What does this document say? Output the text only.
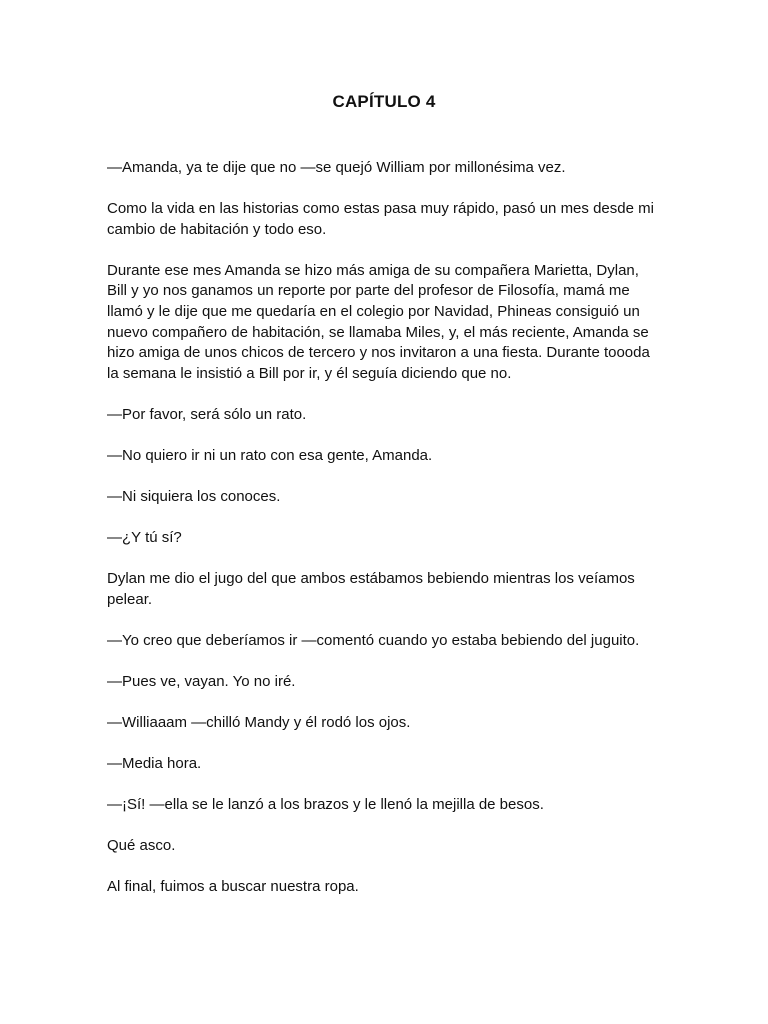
CAPÍTULO 4

—Amanda, ya te dije que no —se quejó William por millonésima vez.

Como la vida en las historias como estas pasa muy rápido, pasó un mes desde mi cambio de habitación y todo eso.

Durante ese mes Amanda se hizo más amiga de su compañera Marietta, Dylan, Bill y yo nos ganamos un reporte por parte del profesor de Filosofía, mamá me llamó y le dije que me quedaría en el colegio por Navidad, Phineas consiguió un nuevo compañero de habitación, se llamaba Miles, y, el más reciente, Amanda se hizo amiga de unos chicos de tercero y nos invitaron a una fiesta. Durante toooda la semana le insistió a Bill por ir, y él seguía diciendo que no.

—Por favor, será sólo un rato.

—No quiero ir ni un rato con esa gente, Amanda.

—Ni siquiera los conoces.

—¿Y tú sí?

Dylan me dio el jugo del que ambos estábamos bebiendo mientras los veíamos pelear.

—Yo creo que deberíamos ir —comentó cuando yo estaba bebiendo del juguito.

—Pues ve, vayan. Yo no iré.

—Williaaam —chilló Mandy y él rodó los ojos.

—Media hora.

—¡Sí! —ella se le lanzó a los brazos y le llenó la mejilla de besos.

Qué asco.

Al final, fuimos a buscar nuestra ropa.
